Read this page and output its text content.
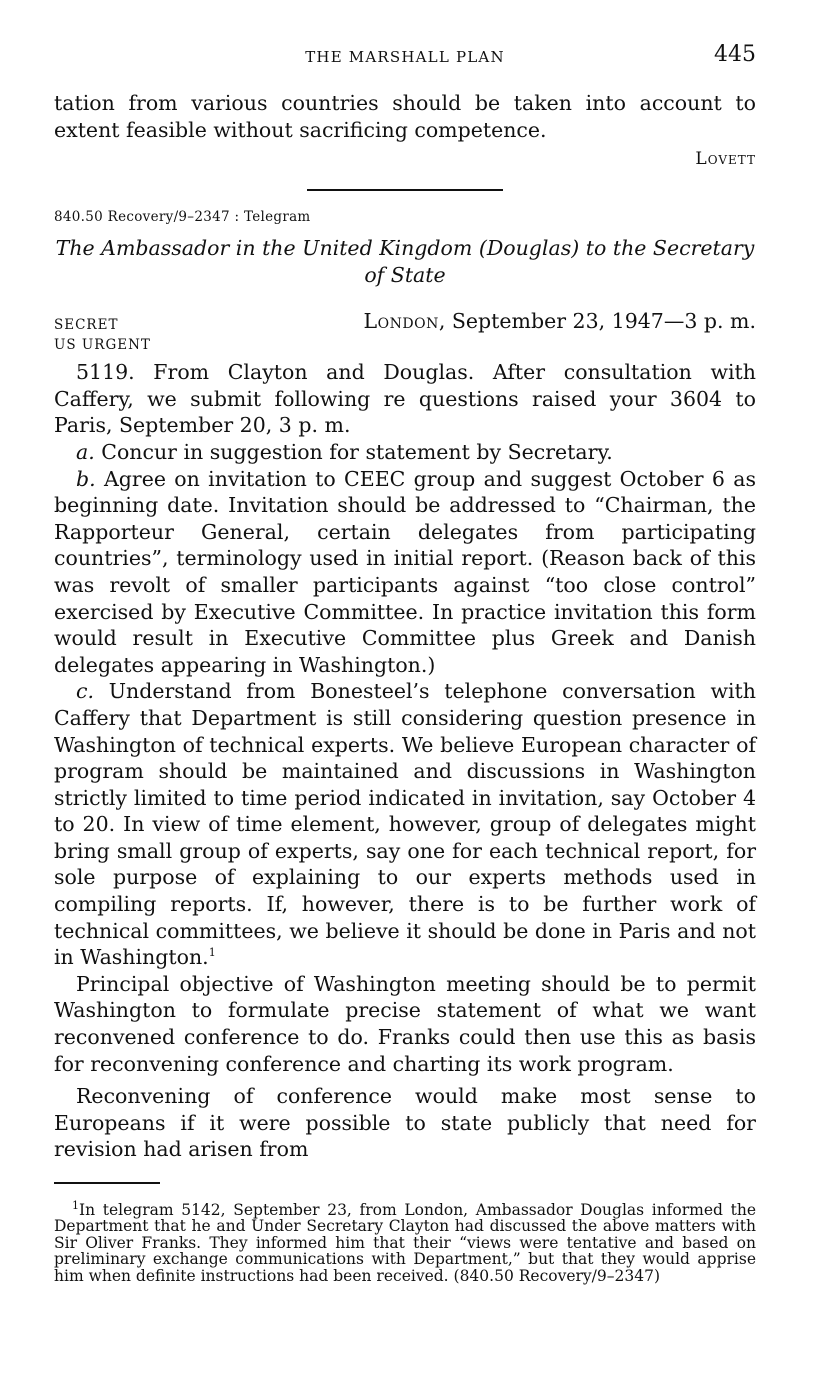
THE MARSHALL PLAN	445

tation from various countries should be taken into account to extent feasible without sacrificing competence.

Lovett
840.50 Recovery/9–2347 : Telegram
The Ambassador in the United Kingdom (Douglas) to the Secretary of State
SECRET	London, September 23, 1947—3 p. m.
US URGENT

5119. From Clayton and Douglas. After consultation with Caffery, we submit following re questions raised your 3604 to Paris, September 20, 3 p. m.

a. Concur in suggestion for statement by Secretary.

b. Agree on invitation to CEEC group and suggest October 6 as beginning date. Invitation should be addressed to “Chairman, the Rapporteur General, certain delegates from participating countries”, terminology used in initial report. (Reason back of this was revolt of smaller participants against “too close control” exercised by Executive Committee. In practice invitation this form would result in Executive Committee plus Greek and Danish delegates appearing in Washington.)

c. Understand from Bonesteel’s telephone conversation with Caffery that Department is still considering question presence in Washington of technical experts. We believe European character of program should be maintained and discussions in Washington strictly limited to time period indicated in invitation, say October 4 to 20. In view of time element, however, group of delegates might bring small group of experts, say one for each technical report, for sole purpose of explaining to our experts methods used in compiling reports. If, however, there is to be further work of technical committees, we believe it should be done in Paris and not in Washington.$^1$

Principal objective of Washington meeting should be to permit Washington to formulate precise statement of what we want reconvened conference to do. Franks could then use this as basis for reconvening conference and charting its work program.

Reconvening of conference would make most sense to Europeans if it were possible to state publicly that need for revision had arisen from

$^1$In telegram 5142, September 23, from London, Ambassador Douglas informed the Department that he and Under Secretary Clayton had discussed the above matters with Sir Oliver Franks. They informed him that their “views were tentative and based on preliminary exchange communications with Department,” but that they would apprise him when definite instructions had been received. (840.50 Recovery/9–2347)
